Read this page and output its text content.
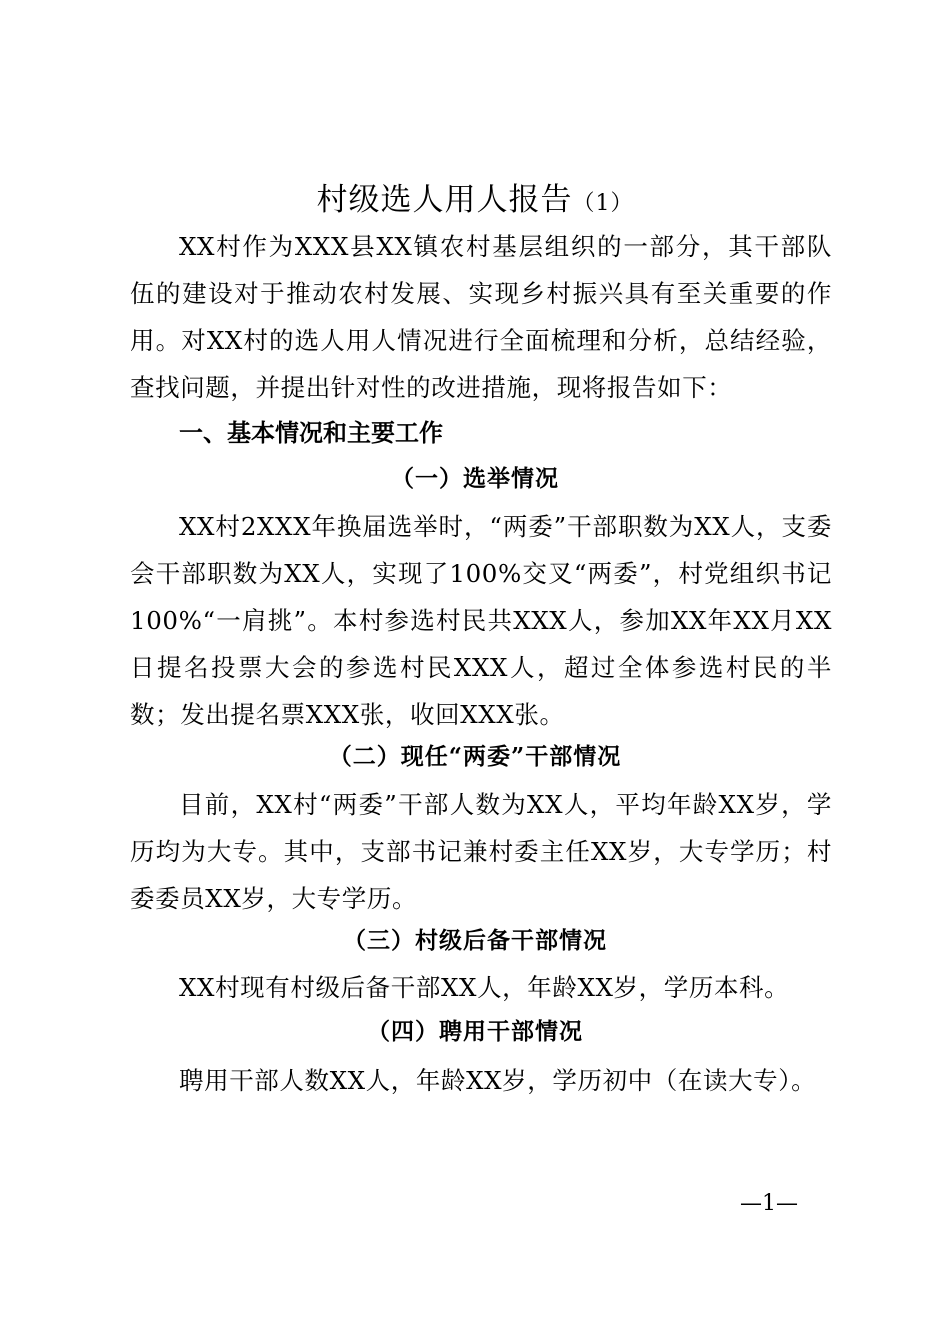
村级选人用人报告（1）

XX村作为XXX县XX镇农村基层组织的一部分，其干部队伍的建设对于推动农村发展、实现乡村振兴具有至关重要的作用。对XX村的选人用人情况进行全面梳理和分析，总结经验，查找问题，并提出针对性的改进措施，现将报告如下：

一、基本情况和主要工作
（一）选举情况

XX村2XXX年换届选举时，“两委”干部职数为XX人，支委会干部职数为XX人，实现了100%交叉“两委”，村党组织书记100%“一肩挑”。本村参选村民共XXX人，参加XX年XX月XX日提名投票大会的参选村民XXX人，超过全体参选村民的半数；发出提名票XXX张，收回XXX张。

（二）现任“两委”干部情况

目前，XX村“两委”干部人数为XX人，平均年龄XX岁，学历均为大专。其中，支部书记兼村委主任XX岁，大专学历；村委委员XX岁，大专学历。

（三）村级后备干部情况

XX村现有村级后备干部XX人，年龄XX岁，学历本科。

（四）聘用干部情况

聘用干部人数XX人，年龄XX岁，学历初中（在读大专）。

—1—
